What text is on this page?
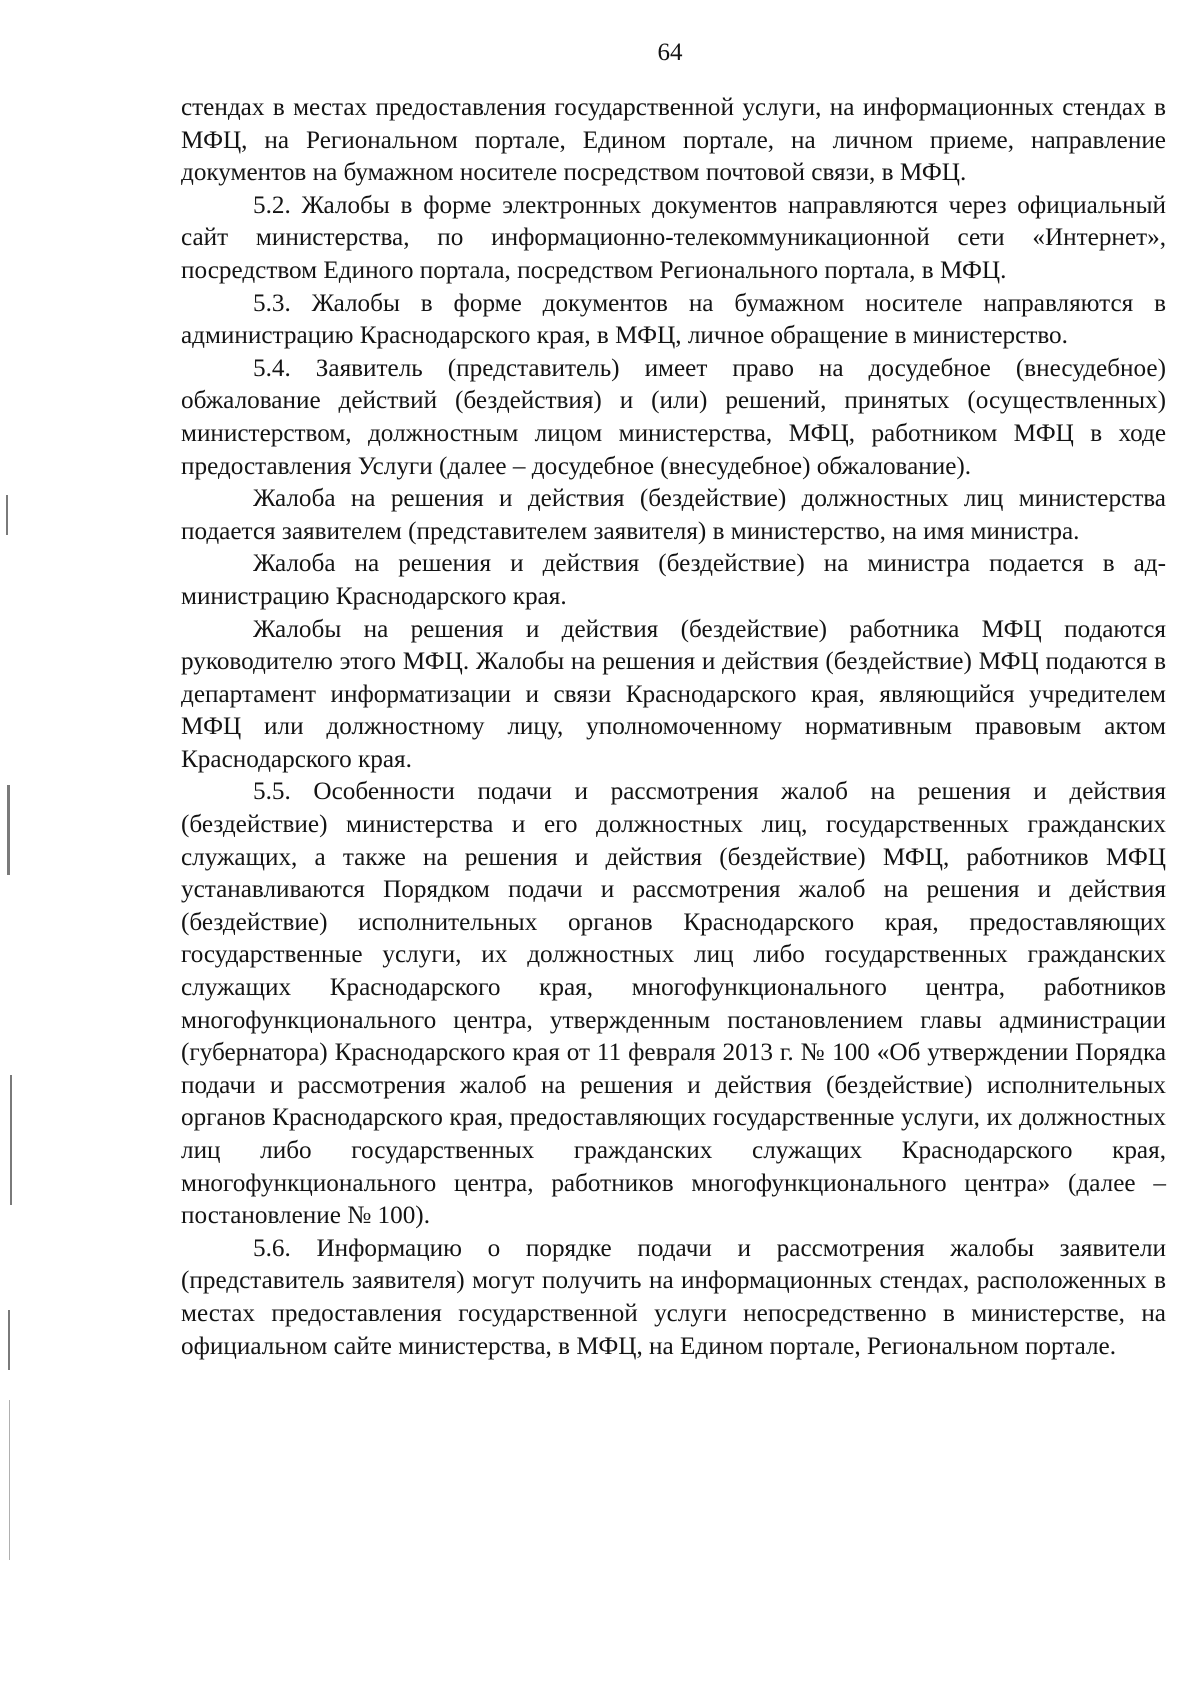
64

стендах в местах предоставления государственной услуги, на информационных стендах в МФЦ, на Региональном портале, Едином портале, на личном приеме, направление документов на бумажном носителе посредством почтовой связи, в МФЦ.

5.2. Жалобы в форме электронных документов направляются через официальный сайт министерства, по информационно-телекоммуникационной сети «Интернет», посредством Единого портала, посредством Регионального портала, в МФЦ.

5.3. Жалобы в форме документов на бумажном носителе направляются в администрацию Краснодарского края, в МФЦ, личное обращение в министерство.

5.4. Заявитель (представитель) имеет право на досудебное (внесудебное) обжалование действий (бездействия) и (или) решений, принятых (осуществленных) министерством, должностным лицом министерства, МФЦ, работником МФЦ в ходе предоставления Услуги (далее – досудебное (внесудебное) обжалование).

Жалоба на решения и действия (бездействие) должностных лиц министерства подается заявителем (представителем заявителя) в министерство, на имя министра.

Жалоба на решения и действия (бездействие) на министра подается в администрацию Краснодарского края.

Жалобы на решения и действия (бездействие) работника МФЦ подаются руководителю этого МФЦ. Жалобы на решения и действия (бездействие) МФЦ подаются в департамент информатизации и связи Краснодарского края, являющийся учредителем МФЦ или должностному лицу, уполномоченному нормативным правовым актом Краснодарского края.

5.5. Особенности подачи и рассмотрения жалоб на решения и действия (бездействие) министерства и его должностных лиц, государственных гражданских служащих, а также на решения и действия (бездействие) МФЦ, работников МФЦ устанавливаются Порядком подачи и рассмотрения жалоб на решения и действия (бездействие) исполнительных органов Краснодарского края, предоставляющих государственные услуги, их должностных лиц либо государственных гражданских служащих Краснодарского края, многофункционального центра, работников многофункционального центра, утвержденным постановлением главы администрации (губернатора) Краснодарского края от 11 февраля 2013 г. № 100 «Об утверждении Порядка подачи и рассмотрения жалоб на решения и действия (бездействие) исполнительных органов Краснодарского края, предоставляющих государственные услуги, их должностных лиц либо государственных гражданских служащих Краснодарского края, многофункционального центра, работников многофункционального центра» (далее – постановление № 100).

5.6. Информацию о порядке подачи и рассмотрения жалобы заявители (представитель заявителя) могут получить на информационных стендах, расположенных в местах предоставления государственной услуги непосредственно в министерстве, на официальном сайте министерства, в МФЦ, на Едином портале, Региональном портале.
